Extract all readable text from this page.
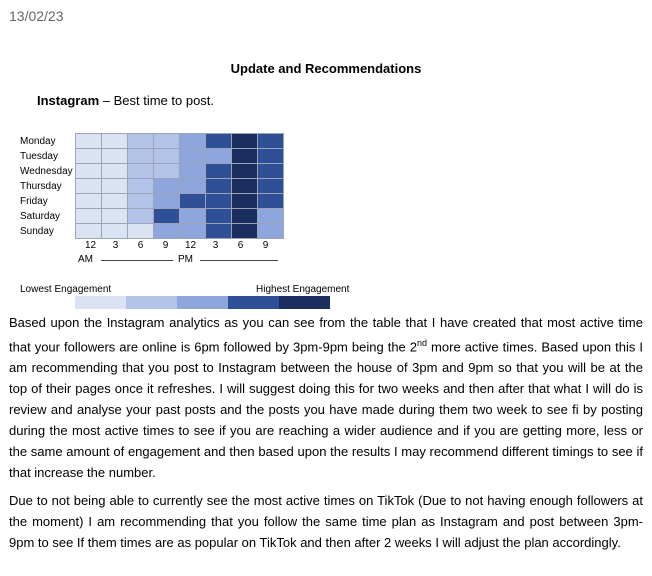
13/02/23
Update and Recommendations
Instagram – Best time to post.
Monday
Tuesday
Wednesday
Thursday
Friday
Saturday
Sunday

12	3	6	9	12	3	6	9
AM	PM
Lowest Engagement	Highest Engagement
Based upon the Instagram analytics as you can see from the table that I have created that most active time that your followers are online is 6pm followed by 3pm-9pm being the 2nd more active times. Based upon this I am recommending that you post to Instagram between the house of 3pm and 9pm so that you will be at the top of their pages once it refreshes. I will suggest doing this for two weeks and then after that what I will do is review and analyse your past posts and the posts you have made during them two week to see fi by posting during the most active times to see if you are reaching a wider audience and if you are getting more, less or the same amount of engagement and then based upon the results I may recommend different timings to see if that increase the number.
Due to not being able to currently see the most active times on TikTok (Due to not having enough followers at the moment) I am recommending that you follow the same time plan as Instagram and post between 3pm-9pm to see If them times are as popular on TikTok and then after 2 weeks I will adjust the plan accordingly.
